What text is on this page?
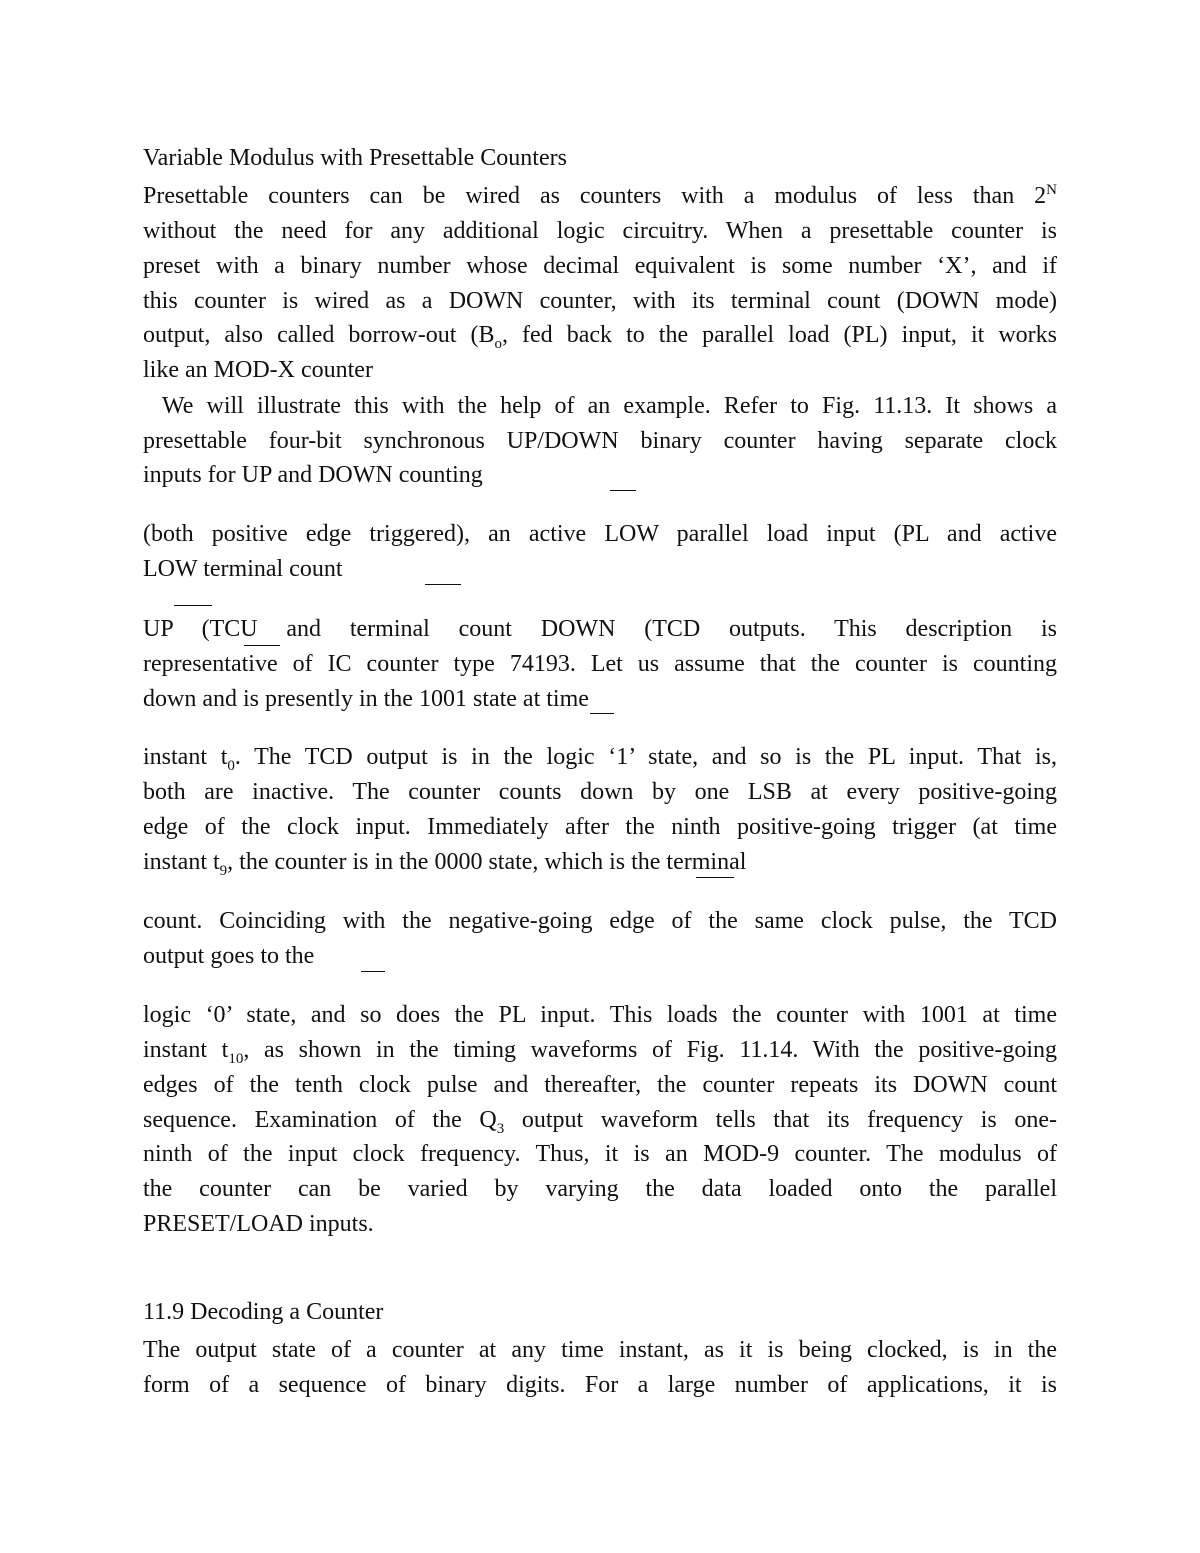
Variable Modulus with Presettable Counters
Presettable counters can be wired as counters with a modulus of less than $2^N$
without the need for any additional logic circuitry. When a presettable counter is
preset with a binary number whose decimal equivalent is some number ‘X’, and if
this counter is wired as a DOWN counter, with its terminal count (DOWN mode)
output, also called borrow-out ($B_o$, fed back to the parallel load (PL) input, it works
like an MOD-X counter
We will illustrate this with the help of an example. Refer to Fig. 11.13. It shows a
presettable four-bit synchronous UP/DOWN binary counter having separate clock
inputs for UP and DOWN counting
(both positive edge triggered), an active LOW parallel load input (PL and active
LOW terminal count
UP (TCU and terminal count DOWN (TCD outputs. This description is
representative of IC counter type 74193. Let us assume that the counter is counting
down and is presently in the 1001 state at time
instant $t_0$. The TCD output is in the logic ‘1’ state, and so is the PL input. That is,
both are inactive. The counter counts down by one LSB at every positive-going
edge of the clock input. Immediately after the ninth positive-going trigger (at time
instant $t_9$, the counter is in the 0000 state, which is the terminal
count. Coinciding with the negative-going edge of the same clock pulse, the TCD
output goes to the
logic ‘0’ state, and so does the PL input. This loads the counter with 1001 at time
instant $t_{10}$, as shown in the timing waveforms of Fig. 11.14. With the positive-going
edges of the tenth clock pulse and thereafter, the counter repeats its DOWN count
sequence. Examination of the $Q_3$ output waveform tells that its frequency is one-
ninth of the input clock frequency. Thus, it is an MOD-9 counter. The modulus of
the counter can be varied by varying the data loaded onto the parallel
PRESET/LOAD inputs.
11.9 Decoding a Counter
The output state of a counter at any time instant, as it is being clocked, is in the
form of a sequence of binary digits. For a large number of applications, it is
